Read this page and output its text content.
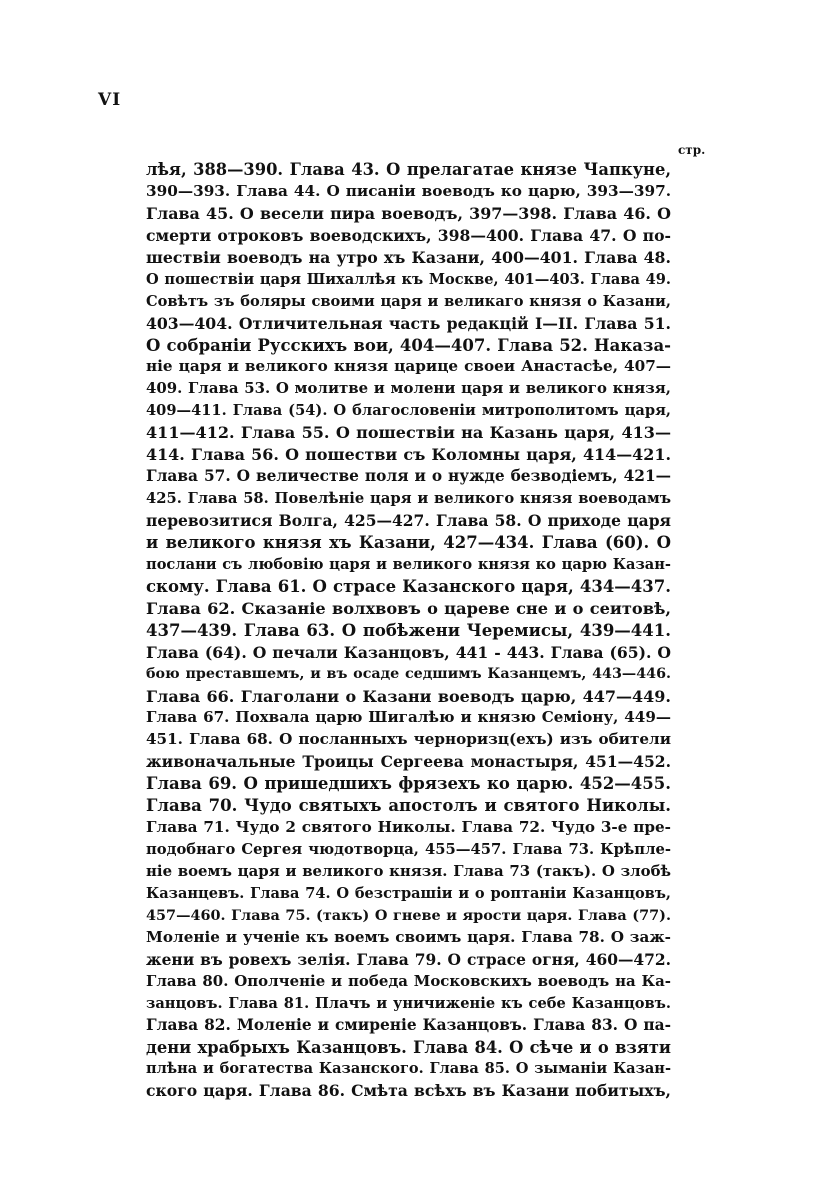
VI
стр.
лѣя, 388—390. Глава 43. О прелагатае князе Чапкуне,
390—393. Глава 44. О писаніи воеводъ ко царю, 393—397.
Глава 45. О весели пира воеводъ, 397—398. Глава 46. О
смерти отроковъ воеводскихъ, 398—400. Глава 47. О по-
шествіи воеводъ на утро хъ Казани, 400—401. Глава 48.
О пошествіи царя Шихаллѣя къ Москве, 401—403. Глава 49.
Совѣтъ зъ боляры своими царя и великаго князя о Казани,
403—404. Отличительная часть редакцій I—II. Глава 51.
О собраніи Русскихъ вои, 404—407. Глава 52. Наказа-
ніе царя и великого князя царице своеи Анастасѣе, 407—
409. Глава 53. О молитве и молени царя и великого князя,
409—411. Глава (54). О благословеніи митрополитомъ царя,
411—412. Глава 55. О пошествіи на Казань царя, 413—
414. Глава 56. О пошестви съ Коломны царя, 414—421.
Глава 57. О величестве поля и о нужде безводіемъ, 421—
425. Глава 58. Повелѣніе царя и великого князя воеводамъ
перевозитися Волга, 425—427. Глава 58. О приходе царя
и великого князя хъ Казани, 427—434. Глава (60). О
послани съ любовію царя и великого князя ко царю Казан-
скому. Глава 61. О страсе Казанского царя, 434—437.
Глава 62. Сказаніе волхвовъ о цареве сне и о сеитовѣ,
437—439. Глава 63. О побѣжени Черемисы, 439—441.
Глава (64). О печали Казанцовъ, 441 - 443. Глава (65). О
бою преставшемъ, и въ осаде седшимъ Казанцемъ, 443—446.
Глава 66. Глаголани о Казани воеводъ царю, 447—449.
Глава 67. Похвала царю Шигалѣю и князю Семіону, 449—
451. Глава 68. О посланныхъ черноризц(ехъ) изъ обители
живоначальные Троицы Сергеева монастыря, 451—452.
Глава 69. О пришедшихъ фрязехъ ко царю. 452—455.
Глава 70. Чудо святыхъ апостолъ и святого Николы.
Глава 71. Чудо 2 святого Николы. Глава 72. Чудо 3-е пре-
подобнаго Сергея чюдотворца, 455—457. Глава 73. Крѣпле-
ніе воемъ царя и великого князя. Глава 73 (такъ). О злобѣ
Казанцевъ. Глава 74. О безстрашіи и о роптаніи Казанцовъ,
457—460. Глава 75. (такъ) О гневе и ярости царя. Глава (77).
Моленіе и ученіе къ воемъ своимъ царя. Глава 78. О заж-
жени въ ровехъ зелія. Глава 79. О страсе огня, 460—472.
Глава 80. Ополченіе и победа Московскихъ воеводъ на Ка-
занцовъ. Глава 81. Плачъ и уничиженіе къ себе Казанцовъ.
Глава 82. Моленіе и смиреніе Казанцовъ. Глава 83. О па-
дени храбрыхъ Казанцовъ. Глава 84. О сѣче и о взяти
плѣна и богатества Казанского. Глава 85. О зыманіи Казан-
ского царя. Глава 86. Смѣта всѣхъ въ Казани побитыхъ,
